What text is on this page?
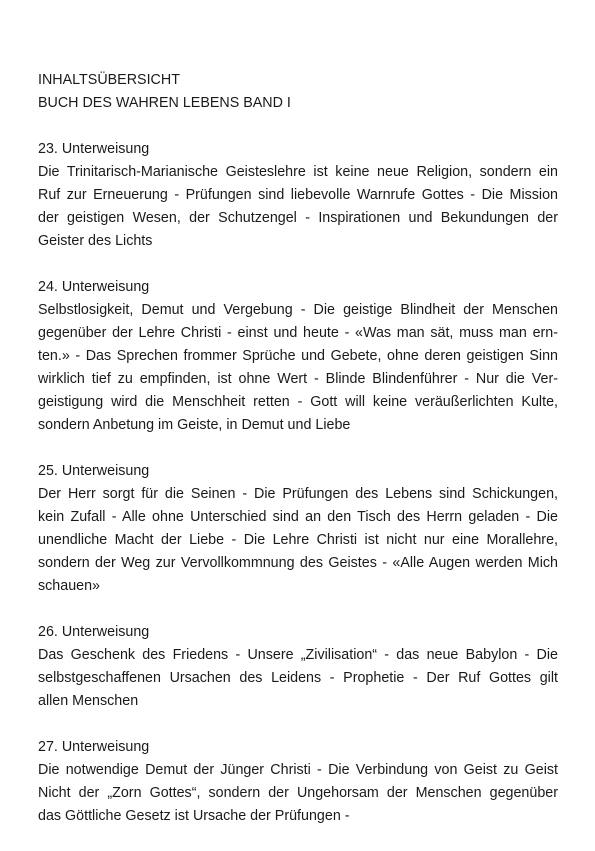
INHALTSÜBERSICHT
BUCH DES WAHREN LEBENS BAND I
23. Unterweisung
Die Trinitarisch-Marianische Geisteslehre ist keine neue Religion, sondern ein
Ruf zur Erneuerung - Prüfungen sind liebevolle Warnrufe Gottes - Die Mission
der geistigen Wesen, der Schutzengel - Inspirationen und Bekundungen der
Geister des Lichts
24. Unterweisung
Selbstlosigkeit, Demut und Vergebung - Die geistige Blindheit der Menschen
gegenüber der Lehre Christi - einst und heute - «Was man sät, muss man ern-
ten.» - Das Sprechen frommer Sprüche und Gebete, ohne deren geistigen Sinn
wirklich tief zu empfinden, ist ohne Wert - Blinde Blindenführer - Nur die Ver-
geistigung wird die Menschheit retten - Gott will keine veräußerlichten Kulte,
sondern Anbetung im Geiste, in Demut und Liebe
25. Unterweisung
Der Herr sorgt für die Seinen - Die Prüfungen des Lebens sind Schickungen,
kein Zufall - Alle ohne Unterschied sind an den Tisch des Herrn geladen - Die
unendliche Macht der Liebe - Die Lehre Christi ist nicht nur eine Morallehre,
sondern der Weg zur Vervollkommnung des Geistes - «Alle Augen werden Mich
schauen»
26. Unterweisung
Das Geschenk des Friedens - Unsere „Zivilisation“ - das neue Babylon - Die
selbstgeschaffenen Ursachen des Leidens - Prophetie - Der Ruf Gottes gilt
allen Menschen
27. Unterweisung
Die notwendige Demut der Jünger Christi - Die Verbindung von Geist zu Geist
Nicht der „Zorn Gottes“, sondern der Ungehorsam der Menschen gegenüber
das Göttliche Gesetz ist Ursache der Prüfungen -
